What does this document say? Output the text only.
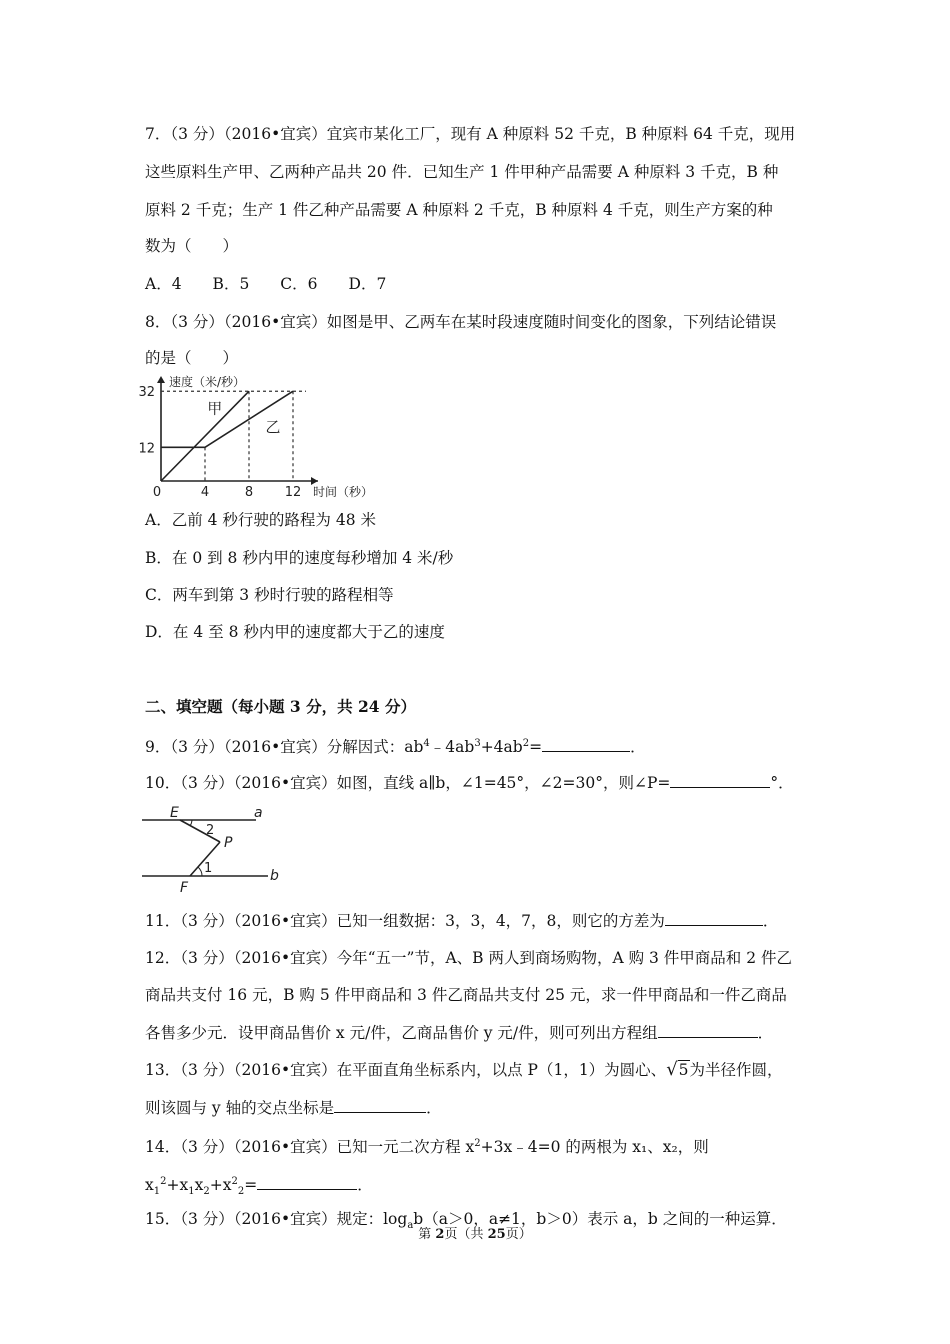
7．（3 分）（2016•宜宾）宜宾市某化工厂，现有 A 种原料 52 千克，B 种原料 64 千克，现用
这些原料生产甲、乙两种产品共 20 件．已知生产 1 件甲种产品需要 A 种原料 3 千克，B 种
原料 2 千克；生产 1 件乙种产品需要 A 种原料 2 千克，B 种原料 4 千克，则生产方案的种
数为（　　）
A．4　　B．5　　C．6　　D．7
8．（3 分）（2016•宜宾）如图是甲、乙两车在某时段速度随时间变化的图象，下列结论错误
的是（　　）
速度（米/秒）
时间（秒）
0	4	8 12
12
32
甲
乙
A．乙前 4 秒行驶的路程为 48 米
B．在 0 到 8 秒内甲的速度每秒增加 4 米/秒
C．两车到第 3 秒时行驶的路程相等
D．在 4 至 8 秒内甲的速度都大于乙的速度
二、填空题（每小题 3 分，共 24 分）
9．（3 分）（2016•宜宾）分解因式：$ab^4﹣4ab^3+4ab^2=$	．
10．（3 分）（2016•宜宾）如图，直线 a∥b，∠1=45°，∠2=30°，则∠P=	°．
E	a
2
P
1
F
b
11．（3 分）（2016•宜宾）已知一组数据：3，3，4，7，8，则它的方差为	．
12．（3 分）（2016•宜宾）今年“五一”节，A、B 两人到商场购物，A 购 3 件甲商品和 2 件乙
商品共支付 16 元，B 购 5 件甲商品和 3 件乙商品共支付 25 元，求一件甲商品和一件乙商品
各售多少元．设甲商品售价 x 元/件，乙商品售价 y 元/件，则可列出方程组	．
13．（3 分）（2016•宜宾）在平面直角坐标系内，以点 P（1，1）为圆心、√5为半径作圆，
则该圆与 y 轴的交点坐标是	．
14．（3 分）（2016•宜宾）已知一元二次方程 $x^2+3x﹣4=0$ 的两根为 x₁、x₂，则
$x_1^2+x_1x_2+x^2_2=$	．
15．（3 分）（2016•宜宾）规定：$\log_ab(a>0$，a≠1，b＞0）表示 a，b 之间的一种运算．
第 2页（共 25页）
